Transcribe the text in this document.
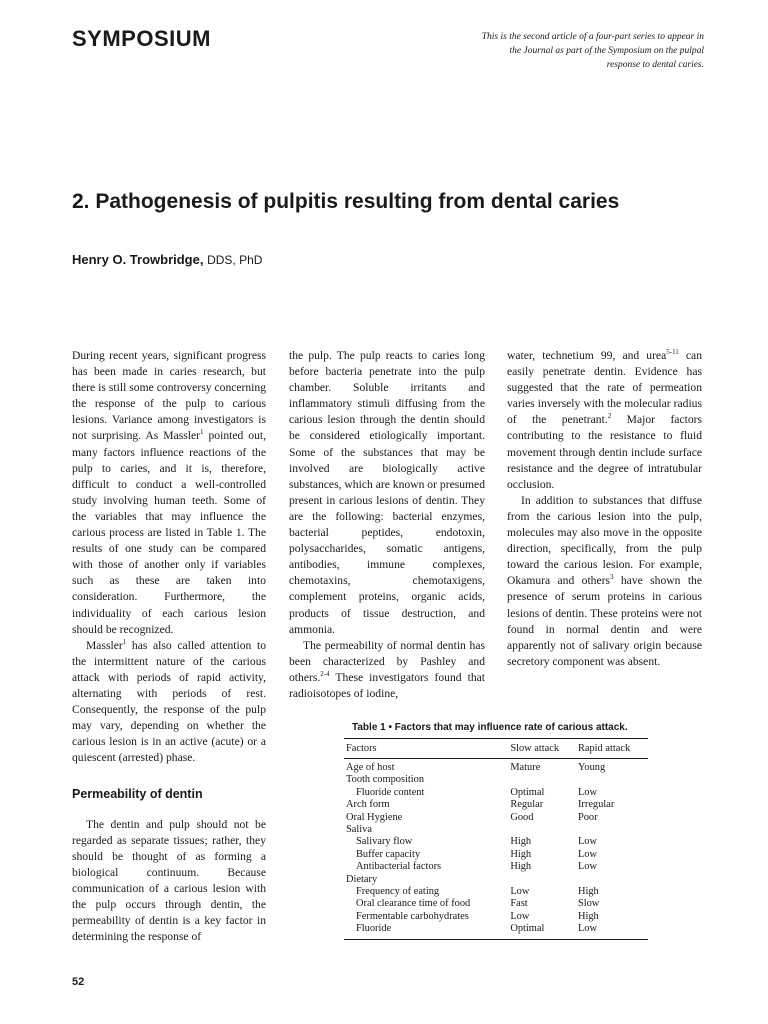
SYMPOSIUM	This is the second article of a four-part series to appear in the Journal as part of the Symposium on the pulpal response to dental caries.
2. Pathogenesis of pulpitis resulting from dental caries
Henry O. Trowbridge, DDS, PhD

During recent years, significant progress has been made in caries research, but there is still some controversy concerning the response of the pulp to carious lesions. Variance among investigators is not surprising. As Massler$^1$ pointed out, many factors influence reactions of the pulp to caries, and it is, therefore, difficult to conduct a well-controlled study involving human teeth. Some of the variables that may influence the carious process are listed in Table 1. The results of one study can be compared with those of another only if variables such as these are taken into consideration. Furthermore, the individuality of each carious lesion should be recognized.

Massler$^1$ has also called attention to the intermittent nature of the carious attack with periods of rapid activity, alternating with periods of rest. Consequently, the response of the pulp may vary, depending on whether the carious lesion is in an active (acute) or a quiescent (arrested) phase.

Permeability of dentin

The dentin and pulp should not be regarded as separate tissues; rather, they should be thought of as forming a biological continuum. Because communication of a carious lesion with the pulp occurs through dentin, the permeability of dentin is a key factor in determining the response of

the pulp. The pulp reacts to caries long before bacteria penetrate into the pulp chamber. Soluble irritants and inflammatory stimuli diffusing from the carious lesion through the dentin should be considered etiologically important. Some of the substances that may be involved are biologically active substances, which are known or presumed present in carious lesions of dentin. They are the following: bacterial enzymes, bacterial peptides, endotoxin, polysaccharides, somatic antigens, antibodies, immune complexes, chemotaxins, chemotaxigens, complement proteins, organic acids, products of tissue destruction, and ammonia.

The permeability of normal dentin has been characterized by Pashley and others.$^{2-4}$ These investigators found that radioisotopes of iodine,

water, technetium 99, and urea$^{5-11}$ can easily penetrate dentin. Evidence has suggested that the rate of permeation varies inversely with the molecular radius of the penetrant.$^2$ Major factors contributing to the resistance to fluid movement through dentin include surface resistance and the degree of intratubular occlusion.

In addition to substances that diffuse from the carious lesion into the pulp, molecules may also move in the opposite direction, specifically, from the pulp toward the carious lesion. For example, Okamura and others$^3$ have shown the presence of serum proteins in carious lesions of dentin. These proteins were not found in normal dentin and were apparently not of salivary origin because secretory component was absent.

Table 1 • Factors that may influence rate of carious attack.
Factors	Slow attack	Rapid attack
Age of host	Mature	Young
Tooth composition		
Fluoride content	Optimal	Low
Arch form	Regular	Irregular
Oral Hygiene	Good	Poor
Saliva		
Salivary flow	High	Low
Buffer capacity	High	Low
Antibacterial factors	High	Low
Dietary		
Frequency of eating	Low	High
Oral clearance time of food	Fast	Slow
Fermentable carbohydrates	Low	High
Fluoride	Optimal	Low
52
